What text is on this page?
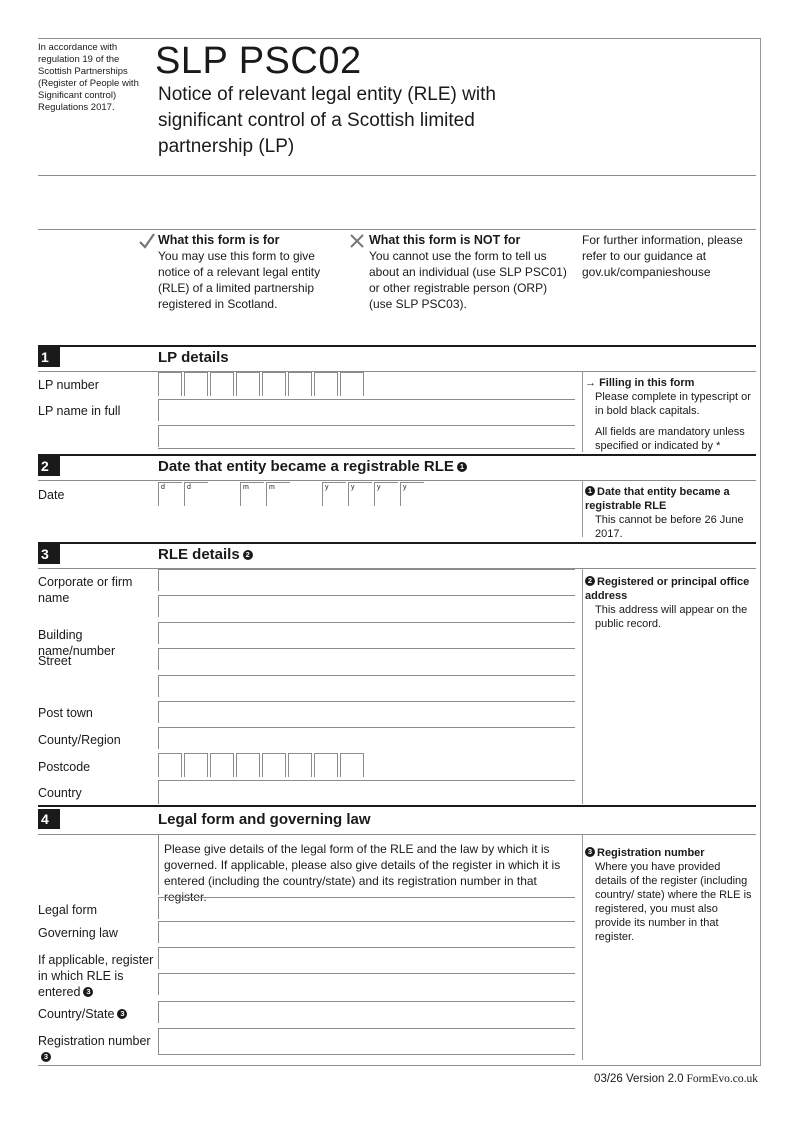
In accordance with regulation 19 of the Scottish Partnerships (Register of People with Significant control) Regulations 2017.
SLP PSC02
Notice of relevant legal entity (RLE) with significant control of a Scottish limited partnership (LP)
What this form is for
You may use this form to give notice of a relevant legal entity (RLE) of a limited partnership registered in Scotland.
What this form is NOT for
You cannot use the form to tell us about an individual (use SLP PSC01) or other registrable person (ORP) (use SLP PSC03).
For further information, please refer to our guidance at gov.uk/companieshouse
1	LP details
LP number
LP name in full
→ Filling in this form
Please complete in typescript or in bold black capitals.
All fields are mandatory unless specified or indicated by *
2	Date that entity became a registrable RLE 1
Date
d	d	m	m	y	y	y	y	1 Date that entity became a registrable RLE
This cannot be before 26 June 2017.
3	RLE details 2
Corporate or firm name
Building name/number
Street
Post town
County/Region
Postcode
Country
2 Registered or principal office address
This address will appear on the public record.
4	Legal form and governing law
Please give details of the legal form of the RLE and the law by which it is governed. If applicable, please also give details of the register in which it is entered (including the country/state) and its registration number in that register.
Legal form
Governing law
If applicable, register in which RLE is entered 3
Country/State 3
Registration number3
3 Registration number
Where you have provided details of the register (including country/ state) where the RLE is registered, you must also provide its number in that register.
03/26 Version 2.0 FormEvo.co.uk
